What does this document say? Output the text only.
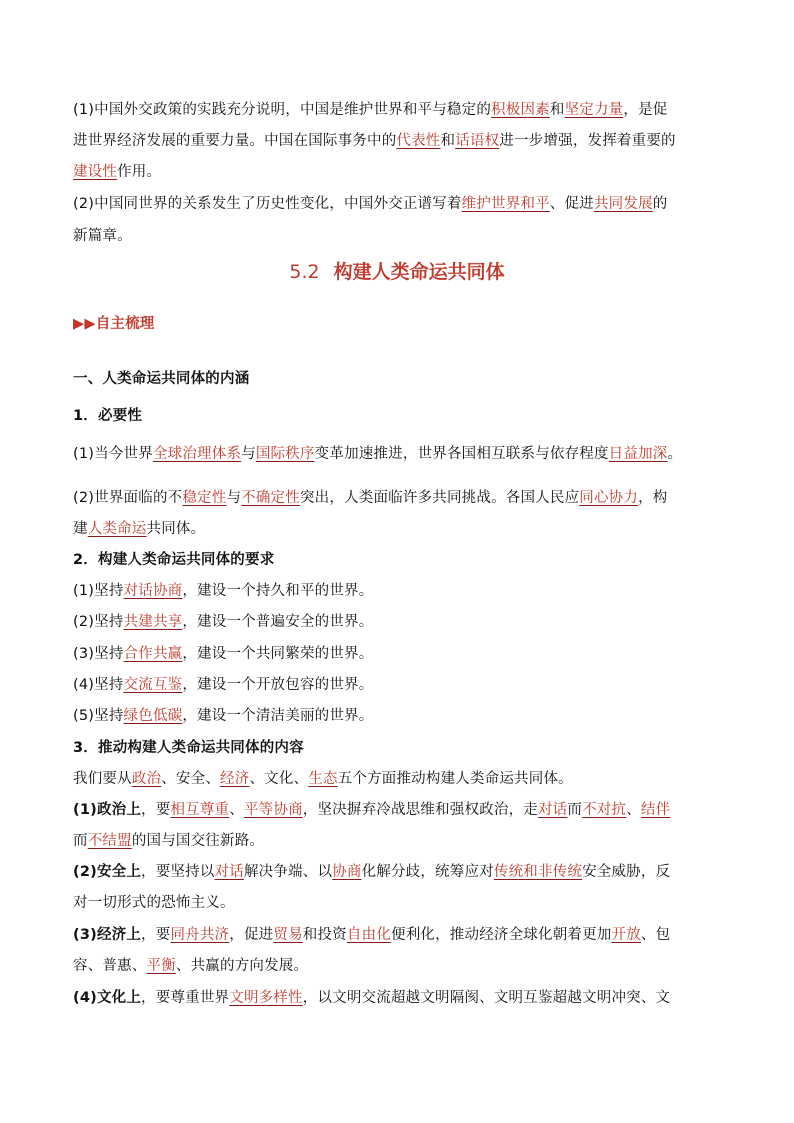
(1)中国外交政策的实践充分说明，中国是维护世界和平与稳定的积极因素和坚定力量，是促
进世界经济发展的重要力量。中国在国际事务中的代表性和话语权进一步增强，发挥着重要的
建设性作用。
(2)中国同世界的关系发生了历史性变化，中国外交正谱写着维护世界和平、促进共同发展的
新篇章。
5.2 构建人类命运共同体
▶▶自主梳理
一、人类命运共同体的内涵
1．必要性
(1)当今世界全球治理体系与国际秩序变革加速推进，世界各国相互联系与依存程度日益加深。
(2)世界面临的不稳定性与不确定性突出，人类面临许多共同挑战。各国人民应同心协力，构
建人类命运共同体。
2．构建人类命运共同体的要求
(1)坚持对话协商，建设一个持久和平的世界。
(2)坚持共建共享，建设一个普遍安全的世界。
(3)坚持合作共赢，建设一个共同繁荣的世界。
(4)坚持交流互鉴，建设一个开放包容的世界。
(5)坚持绿色低碳，建设一个清洁美丽的世界。
3．推动构建人类命运共同体的内容
我们要从政治、安全、经济、文化、生态五个方面推动构建人类命运共同体。
(1)政治上，要相互尊重、平等协商，坚决摒弃冷战思维和强权政治，走对话而不对抗、结伴
而不结盟的国与国交往新路。
(2)安全上，要坚持以对话解决争端、以协商化解分歧，统筹应对传统和非传统安全威胁，反
对一切形式的恐怖主义。
(3)经济上，要同舟共济，促进贸易和投资自由化便利化，推动经济全球化朝着更加开放、包
容、普惠、平衡、共赢的方向发展。
(4)文化上，要尊重世界文明多样性，以文明交流超越文明隔阂、文明互鉴超越文明冲突、文
